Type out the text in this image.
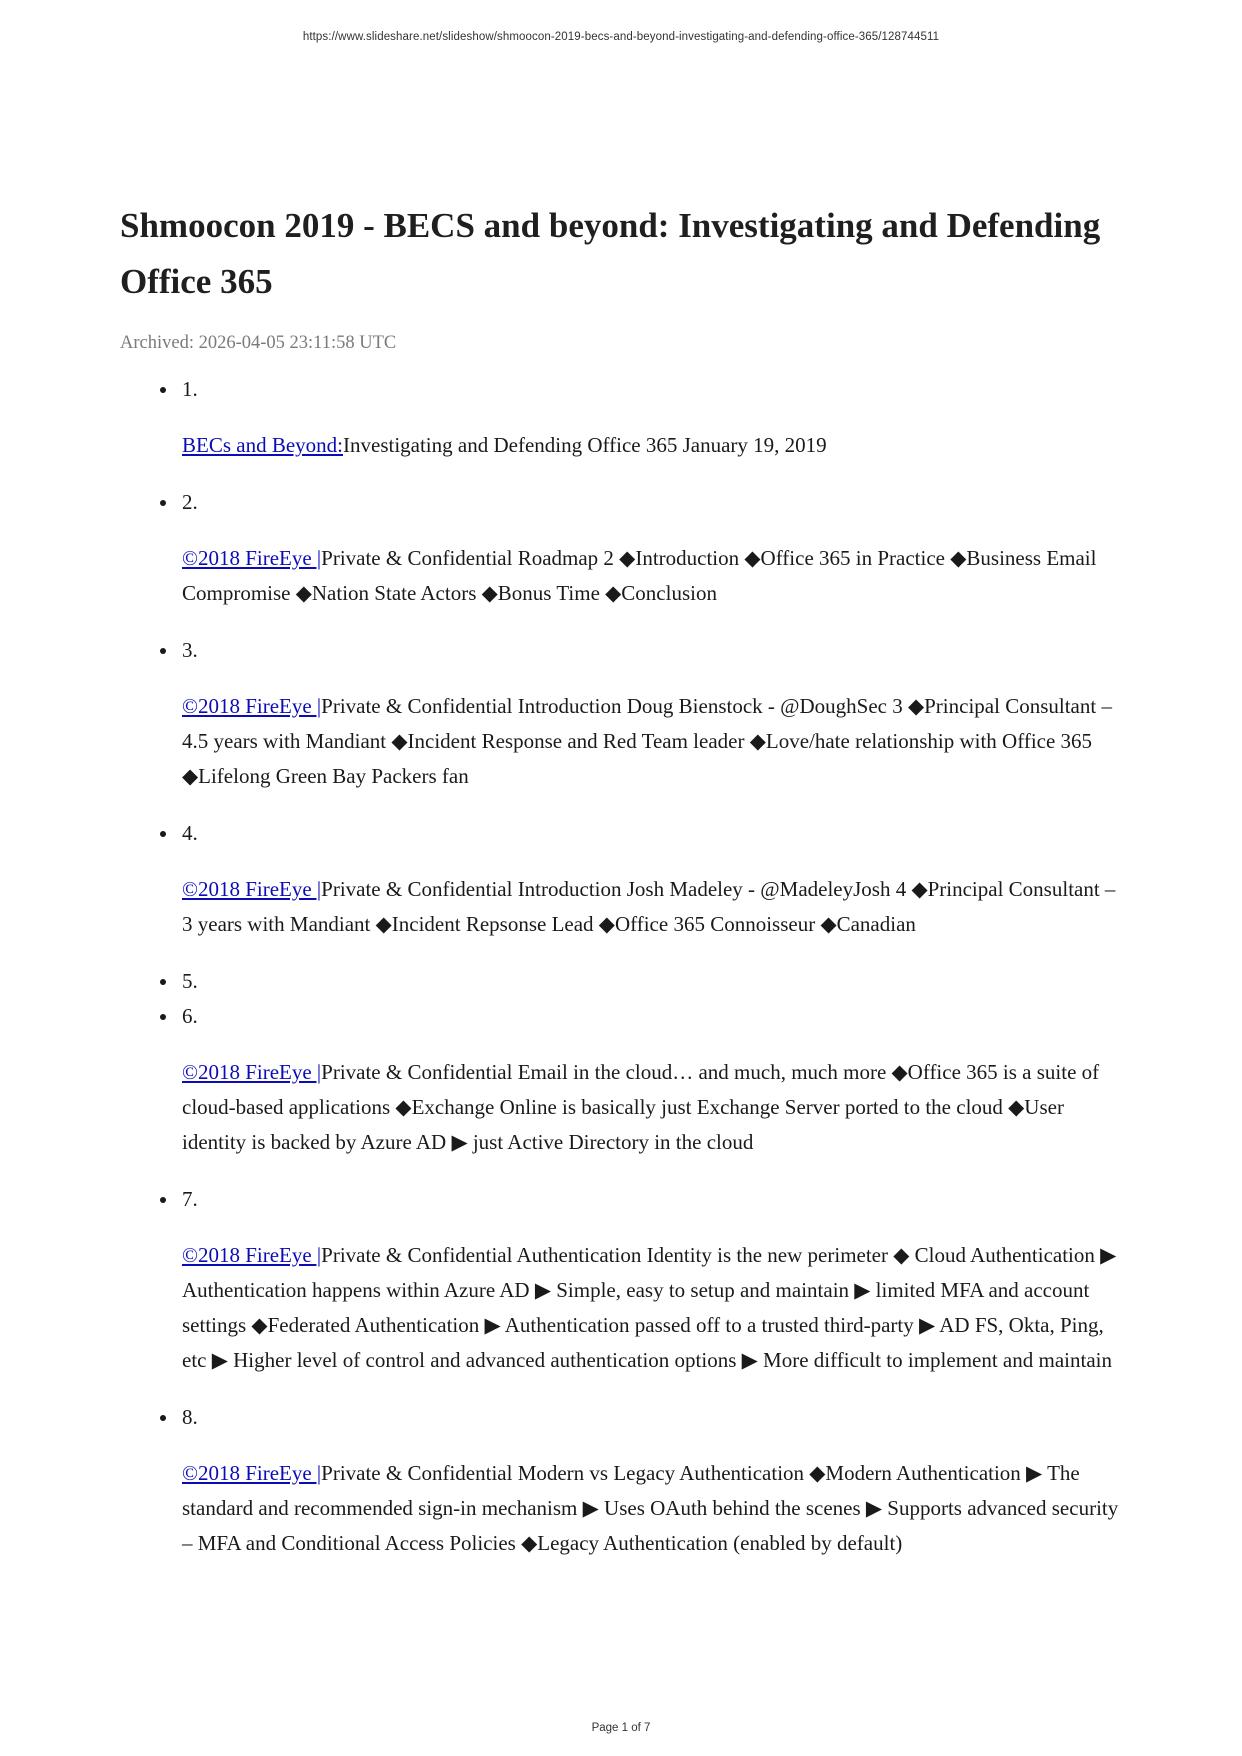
https://www.slideshare.net/slideshow/shmoocon-2019-becs-and-beyond-investigating-and-defending-office-365/128744511
Shmoocon 2019 - BECS and beyond: Investigating and Defending Office 365
Archived: 2026-04-05 23:11:58 UTC
1.

BECs and Beyond:Investigating and Defending Office 365 January 19, 2019

2.

©2018 FireEye |Private & Confidential Roadmap 2 ◆Introduction ◆Office 365 in Practice ◆Business Email Compromise ◆Nation State Actors ◆Bonus Time ◆Conclusion

3.

©2018 FireEye |Private & Confidential Introduction Doug Bienstock - @DoughSec 3 ◆Principal Consultant – 4.5 years with Mandiant ◆Incident Response and Red Team leader ◆Love/hate relationship with Office 365 ◆Lifelong Green Bay Packers fan

4.

©2018 FireEye |Private & Confidential Introduction Josh Madeley - @MadeleyJosh 4 ◆Principal Consultant – 3 years with Mandiant ◆Incident Repsonse Lead ◆Office 365 Connoisseur ◆Canadian

5.
6.

©2018 FireEye |Private & Confidential Email in the cloud… and much, much more ◆Office 365 is a suite of cloud-based applications ◆Exchange Online is basically just Exchange Server ported to the cloud ◆User identity is backed by Azure AD ▶ just Active Directory in the cloud

7.

©2018 FireEye |Private & Confidential Authentication Identity is the new perimeter ◆ Cloud Authentication ▶ Authentication happens within Azure AD ▶ Simple, easy to setup and maintain ▶ limited MFA and account settings ◆Federated Authentication ▶ Authentication passed off to a trusted third-party ▶ AD FS, Okta, Ping, etc ▶ Higher level of control and advanced authentication options ▶ More difficult to implement and maintain

8.

©2018 FireEye |Private & Confidential Modern vs Legacy Authentication ◆Modern Authentication ▶ The standard and recommended sign-in mechanism ▶ Uses OAuth behind the scenes ▶ Supports advanced security – MFA and Conditional Access Policies ◆Legacy Authentication (enabled by default)

Page 1 of 7
